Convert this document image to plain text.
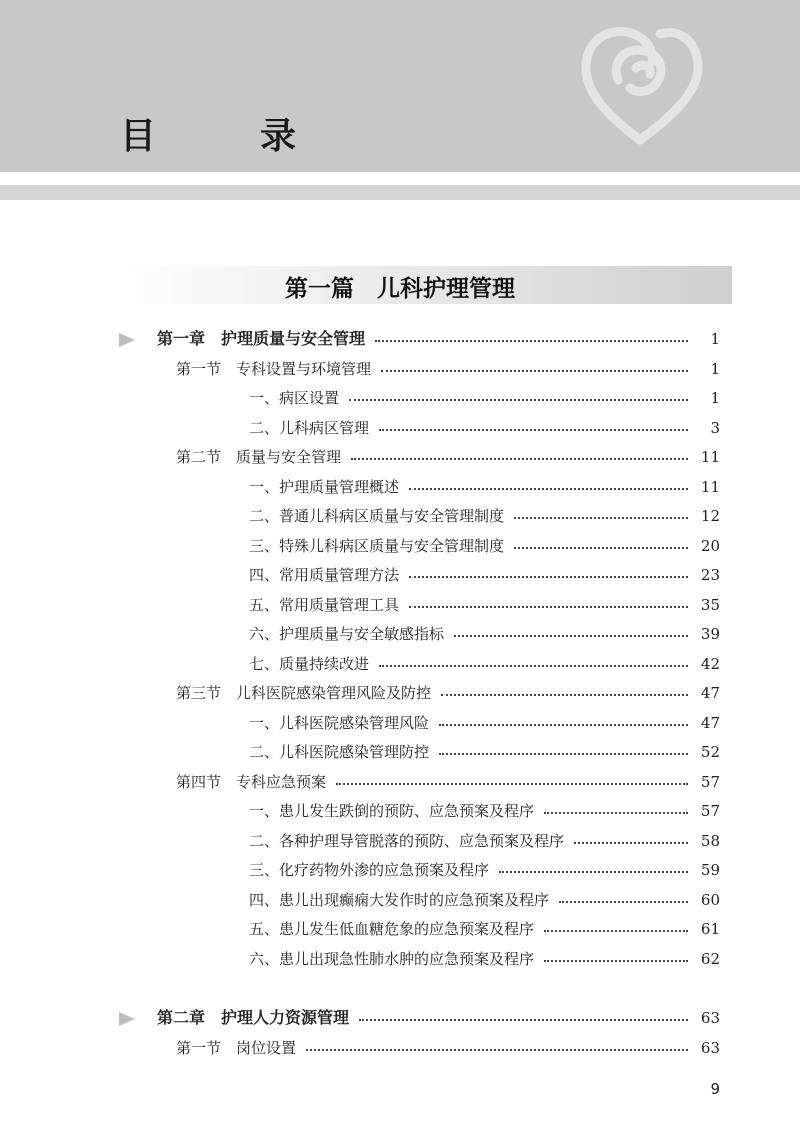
目　录
第一篇　儿科护理管理
第一章　护理质量与安全管理	1
第一节　专科设置与环境管理	1
一、病区设置	1
二、儿科病区管理	3
第二节　质量与安全管理	11
一、护理质量管理概述	11
二、普通儿科病区质量与安全管理制度	12
三、特殊儿科病区质量与安全管理制度	20
四、常用质量管理方法	23
五、常用质量管理工具	35
六、护理质量与安全敏感指标	39
七、质量持续改进	42
第三节　儿科医院感染管理风险及防控	47
一、儿科医院感染管理风险	47
二、儿科医院感染管理防控	52
第四节　专科应急预案	57
一、患儿发生跌倒的预防、应急预案及程序	57
二、各种护理导管脱落的预防、应急预案及程序	58
三、化疗药物外渗的应急预案及程序	59
四、患儿出现癫痫大发作时的应急预案及程序	60
五、患儿发生低血糖危象的应急预案及程序	61
六、患儿出现急性肺水肿的应急预案及程序	62
第二章　护理人力资源管理	63
第一节　岗位设置	63
9
